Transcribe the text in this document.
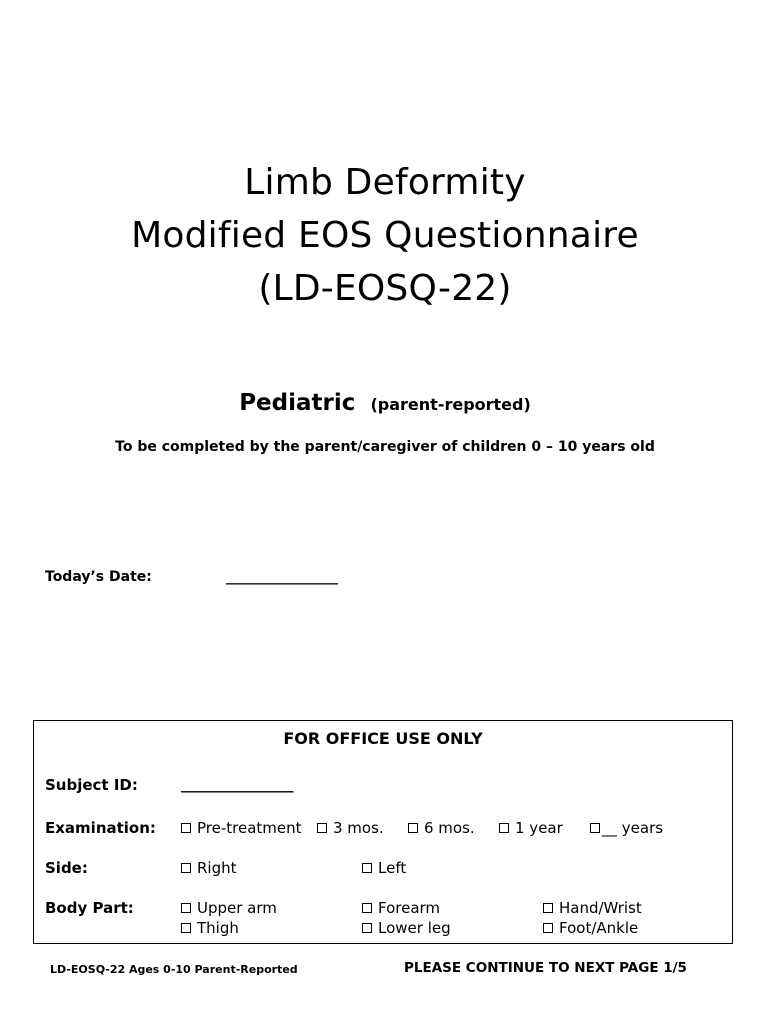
Limb Deformity
Modified EOS Questionnaire
(LD-EOSQ-22)
Pediatric (parent-reported)
To be completed by the parent/caregiver of children 0 – 10 years old
Today’s Date:	________________
FOR OFFICE USE ONLY
Subject ID:	_______________
Examination:	Pre-treatment	3 mos.	6 mos.	1 year	__ years
Side:	Right	Left
Body Part:	Upper arm	Forearm	Hand/Wrist
Thigh	Lower leg	Foot/Ankle
LD-EOSQ-22 Ages 0-10 Parent-Reported	PLEASE CONTINUE TO NEXT PAGE 1/5
